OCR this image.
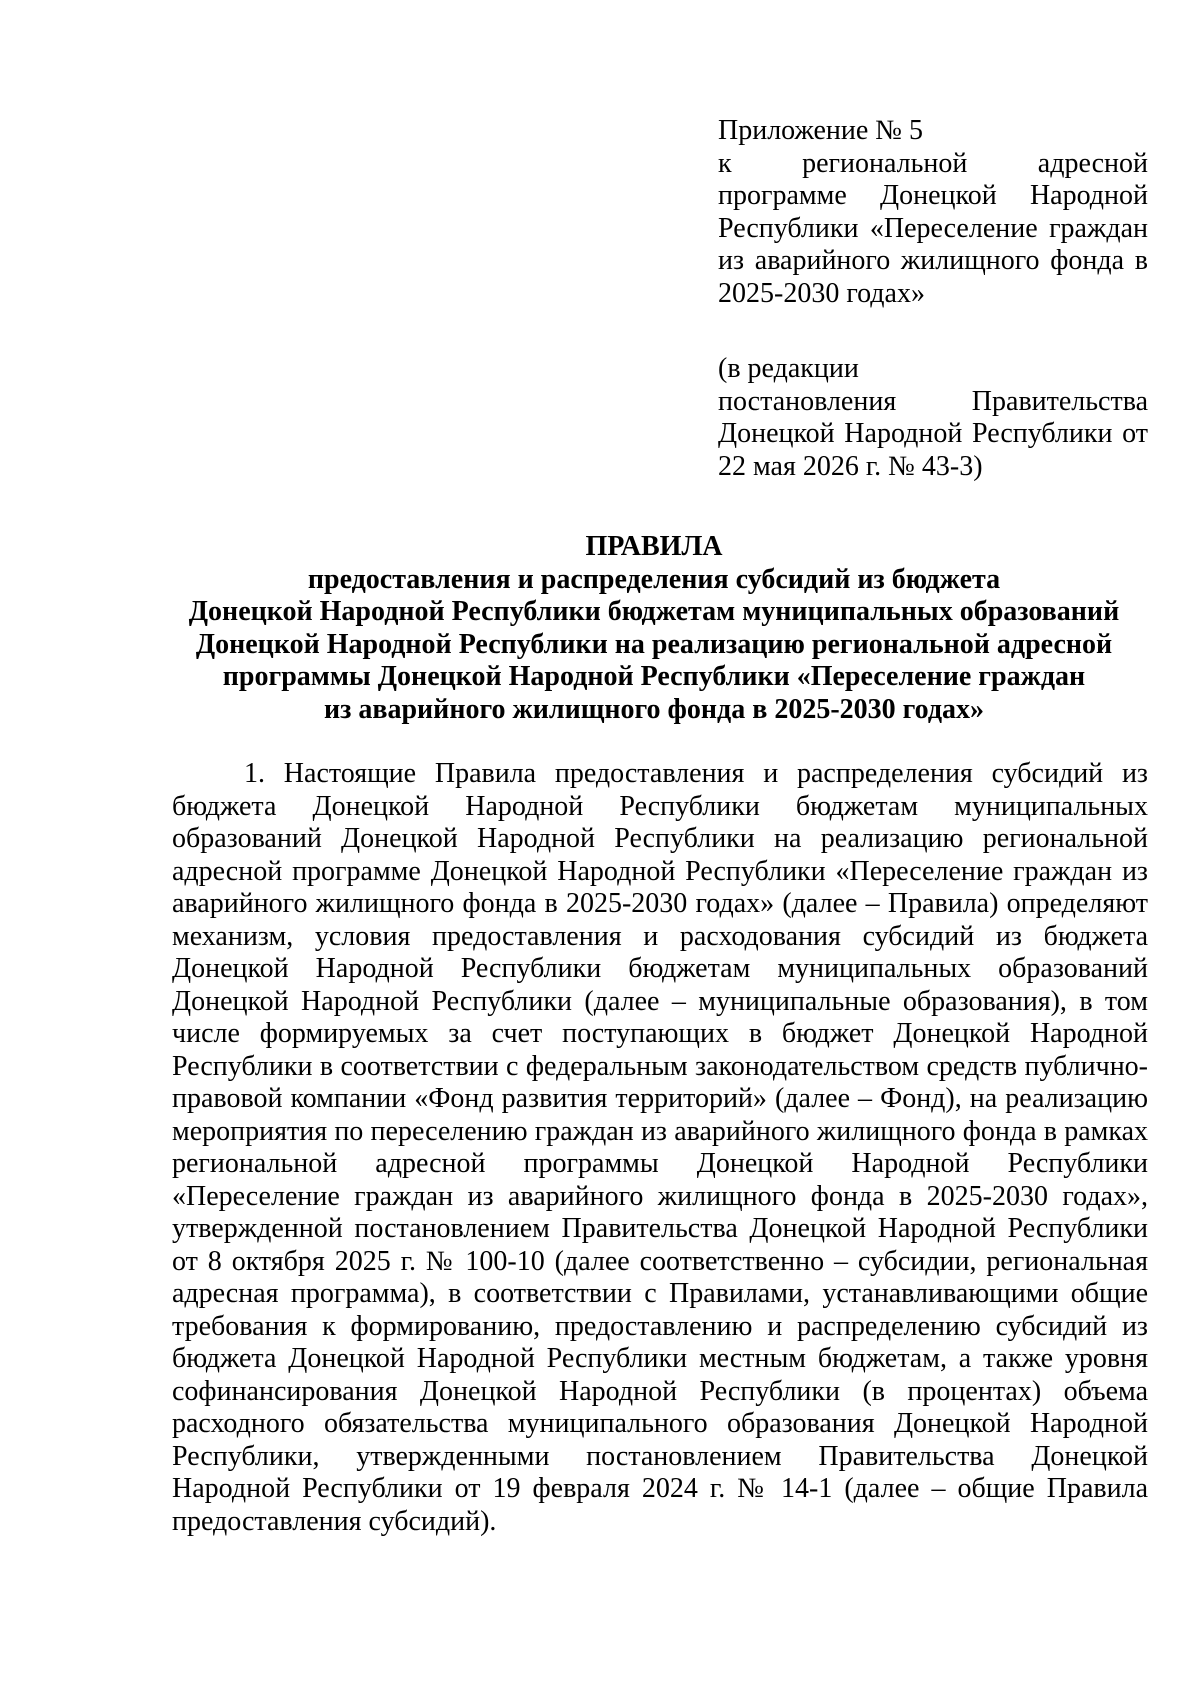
Приложение № 5

к региональной адресной программе Донецкой Народной Республики «Переселение граждан из аварийного жилищного фонда в 2025-2030 годах»

(в редакции

постановления Правительства Донецкой Народной Республики от 22 мая 2026 г. № 43-3)

ПРАВИЛА

предоставления и распределения субсидий из бюджета

Донецкой Народной Республики бюджетам муниципальных образований

Донецкой Народной Республики на реализацию региональной адресной

программы Донецкой Народной Республики «Переселение граждан

из аварийного жилищного фонда в 2025-2030 годах»

1. Настоящие Правила предоставления и распределения субсидий из бюджета Донецкой Народной Республики бюджетам муниципальных образований Донецкой Народной Республики на реализацию региональной адресной программе Донецкой Народной Республики «Переселение граждан из аварийного жилищного фонда в 2025-2030 годах» (далее – Правила) определяют механизм, условия предоставления и расходования субсидий из бюджета Донецкой Народной Республики бюджетам муниципальных образований Донецкой Народной Республики (далее – муниципальные образования), в том числе формируемых за счет поступающих в бюджет Донецкой Народной Республики в соответствии с федеральным законодательством средств публично-правовой компании «Фонд развития территорий» (далее – Фонд), на реализацию мероприятия по переселению граждан из аварийного жилищного фонда в рамках региональной адресной программы Донецкой Народной Республики «Переселение граждан из аварийного жилищного фонда в 2025-2030 годах», утвержденной постановлением Правительства Донецкой Народной Республики от 8 октября 2025 г. № 100-10 (далее соответственно – субсидии, региональная адресная программа), в соответствии с Правилами, устанавливающими общие требования к формированию, предоставлению и распределению субсидий из бюджета Донецкой Народной Республики местным бюджетам, а также уровня софинансирования Донецкой Народной Республики (в процентах) объема расходного обязательства муниципального образования Донецкой Народной Республики, утвержденными постановлением Правительства Донецкой Народной Республики от 19 февраля 2024 г. № 14-1 (далее – общие Правила предоставления субсидий).
